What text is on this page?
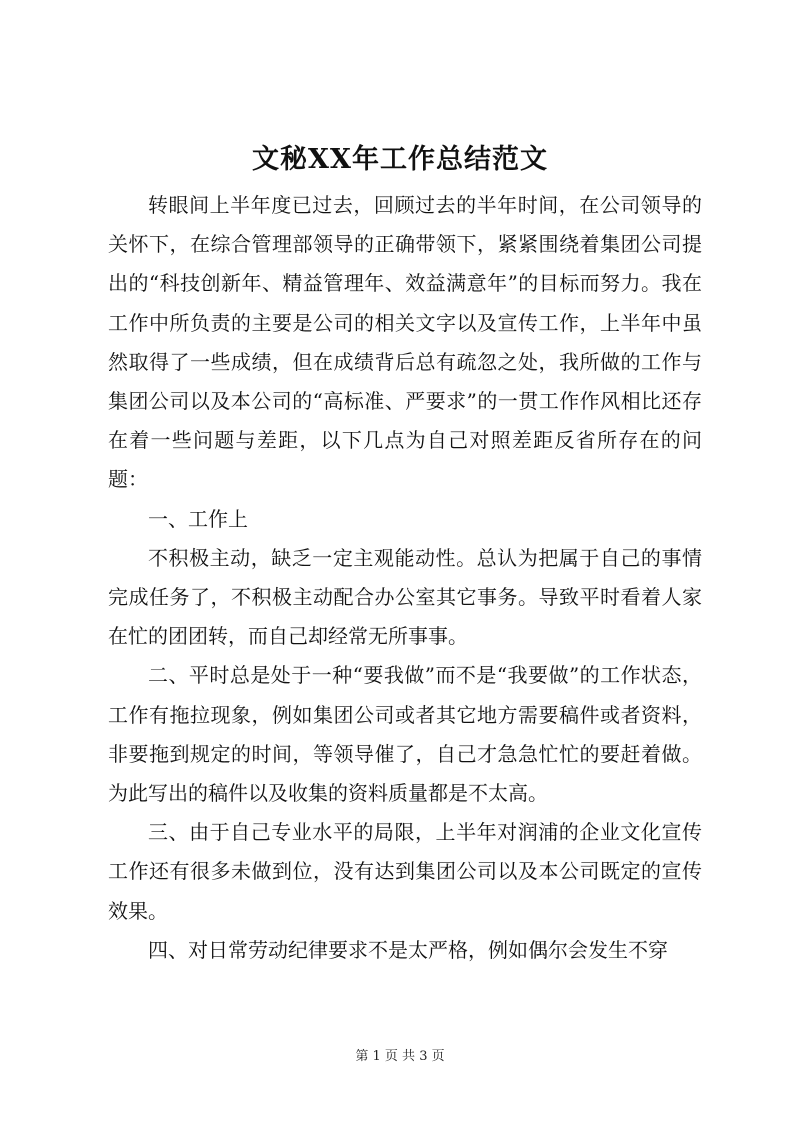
文秘XX年工作总结范文

转眼间上半年度已过去，回顾过去的半年时间，在公司领导的关怀下，在综合管理部领导的正确带领下，紧紧围绕着集团公司提出的“科技创新年、精益管理年、效益满意年”的目标而努力。我在工作中所负责的主要是公司的相关文字以及宣传工作，上半年中虽然取得了一些成绩，但在成绩背后总有疏忽之处，我所做的工作与集团公司以及本公司的“高标准、严要求”的一贯工作作风相比还存在着一些问题与差距，以下几点为自己对照差距反省所存在的问题：

一、工作上

不积极主动，缺乏一定主观能动性。总认为把属于自己的事情完成任务了，不积极主动配合办公室其它事务。导致平时看着人家在忙的团团转，而自己却经常无所事事。

二、平时总是处于一种“要我做”而不是“我要做”的工作状态，工作有拖拉现象，例如集团公司或者其它地方需要稿件或者资料，非要拖到规定的时间，等领导催了，自己才急急忙忙的要赶着做。为此写出的稿件以及收集的资料质量都是不太高。

三、由于自己专业水平的局限，上半年对润浦的企业文化宣传工作还有很多未做到位，没有达到集团公司以及本公司既定的宣传效果。

四、对日常劳动纪律要求不是太严格，例如偶尔会发生不穿

第 1 页 共 3 页
